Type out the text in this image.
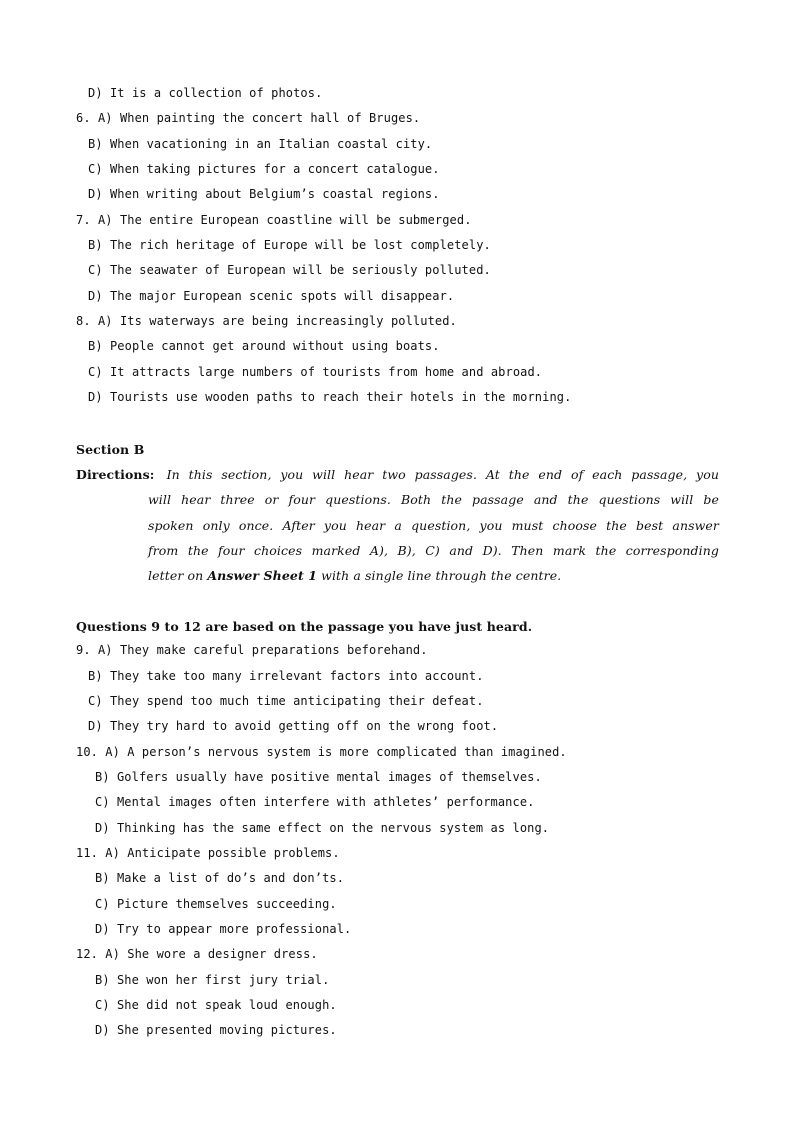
D) It is a collection of photos.
6. A) When painting the concert hall of Bruges.
B) When vacationing in an Italian coastal city.
C) When taking pictures for a concert catalogue.
D) When writing about Belgium’s coastal regions.
7. A) The entire European coastline will be submerged.
B) The rich heritage of Europe will be lost completely.
C) The seawater of European will be seriously polluted.
D) The major European scenic spots will disappear.
8. A) Its waterways are being increasingly polluted.
B) People cannot get around without using boats.
C) It attracts large numbers of tourists from home and abroad.
D) Tourists use wooden paths to reach their hotels in the morning.
Section B
Directions: In this section, you will hear two passages. At the end of each passage, you
will hear three or four questions. Both the passage and the questions will be
spoken only once. After you hear a question, you must choose the best answer
from the four choices marked A), B), C) and D). Then mark the corresponding
letter on Answer Sheet 1 with a single line through the centre.
Questions 9 to 12 are based on the passage you have just heard.
9. A) They make careful preparations beforehand.
B) They take too many irrelevant factors into account.
C) They spend too much time anticipating their defeat.
D) They try hard to avoid getting off on the wrong foot.
10. A) A person’s nervous system is more complicated than imagined.
B) Golfers usually have positive mental images of themselves.
C) Mental images often interfere with athletes’ performance.
D) Thinking has the same effect on the nervous system as long.
11. A) Anticipate possible problems.
B) Make a list of do’s and don’ts.
C) Picture themselves succeeding.
D) Try to appear more professional.
12. A) She wore a designer dress.
B) She won her first jury trial.
C) She did not speak loud enough.
D) She presented moving pictures.
